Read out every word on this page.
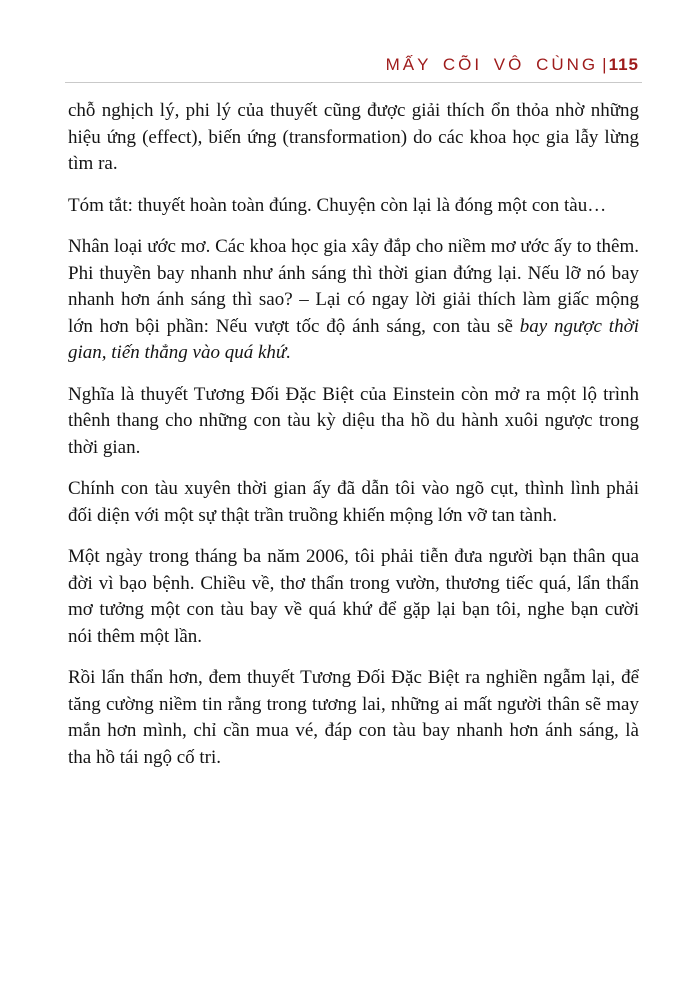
MẤY CÕI VÔ CÙNG | 115

chỗ nghịch lý, phi lý của thuyết cũng được giải thích ổn thỏa nhờ những hiệu ứng (effect), biến ứng (transformation) do các khoa học gia lẫy lừng tìm ra.

Tóm tắt: thuyết hoàn toàn đúng. Chuyện còn lại là đóng một con tàu…

Nhân loại ước mơ. Các khoa học gia xây đắp cho niềm mơ ước ấy to thêm. Phi thuyền bay nhanh như ánh sáng thì thời gian đứng lại. Nếu lỡ nó bay nhanh hơn ánh sáng thì sao? – Lại có ngay lời giải thích làm giấc mộng lớn hơn bội phần: Nếu vượt tốc độ ánh sáng, con tàu sẽ bay ngược thời gian, tiến thẳng vào quá khứ.

Nghĩa là thuyết Tương Đối Đặc Biệt của Einstein còn mở ra một lộ trình thênh thang cho những con tàu kỳ diệu tha hồ du hành xuôi ngược trong thời gian.

Chính con tàu xuyên thời gian ấy đã dẫn tôi vào ngõ cụt, thình lình phải đối diện với một sự thật trần truồng khiến mộng lớn vỡ tan tành.

Một ngày trong tháng ba năm 2006, tôi phải tiễn đưa người bạn thân qua đời vì bạo bệnh. Chiều về, thơ thẩn trong vườn, thương tiếc quá, lẩn thẩn mơ tưởng một con tàu bay về quá khứ để gặp lại bạn tôi, nghe bạn cười nói thêm một lần.

Rồi lẩn thẩn hơn, đem thuyết Tương Đối Đặc Biệt ra nghiền ngẫm lại, để tăng cường niềm tin rằng trong tương lai, những ai mất người thân sẽ may mắn hơn mình, chỉ cần mua vé, đáp con tàu bay nhanh hơn ánh sáng, là tha hồ tái ngộ cố tri.
